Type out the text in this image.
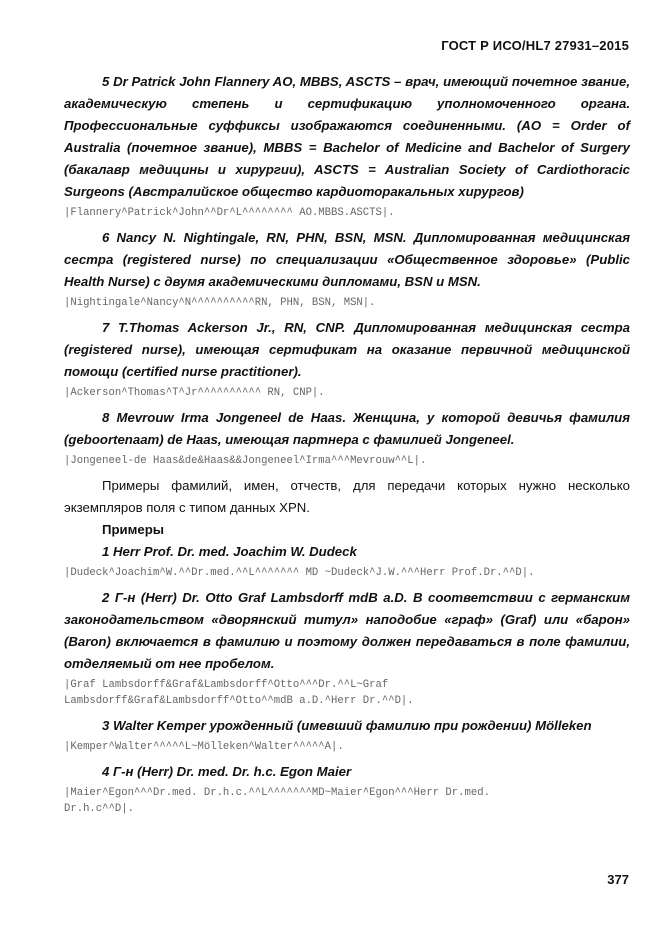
ГОСТ Р ИСО/HL7 27931–2015

5 Dr Patrick John Flannery AO, MBBS, ASCTS – врач, имеющий почетное звание, академическую степень и сертификацию уполномоченного органа. Профессиональные суффиксы изображаются соединенными. (AO = Order of Australia (почетное звание), MBBS = Bachelor of Medicine and Bachelor of Surgery (бакалавр медицины и хирургии), ASCTS = Australian Society of Cardiothoracic Surgeons (Австралийское общество кардиоторакальных хирургов)

|Flannery^Patrick^John^^Dr^L^^^^^^^^ AO.MBBS.ASCTS|.

6 Nancy N. Nightingale, RN, PHN, BSN, MSN. Дипломированная медицинская сестра (registered nurse) по специализации «Общественное здоровье» (Public Health Nurse) с двумя академическими дипломами, BSN и MSN.

|Nightingale^Nancy^N^^^^^^^^^^RN, PHN, BSN, MSN|.

7 T.Thomas Ackerson Jr., RN, CNP. Дипломированная медицинская сестра (registered nurse), имеющая сертификат на оказание первичной медицинской помощи (certified nurse practitioner).

|Ackerson^Thomas^T^Jr^^^^^^^^^^ RN, CNP|.

8 Mevrouw Irma Jongeneel de Haas. Женщина, у которой девичья фамилия (geboortenaam) de Haas, имеющая партнера с фамилией Jongeneel.

|Jongeneel-de Haas&de&Haas&&Jongeneel^Irma^^^Mevrouw^^L|.

Примеры фамилий, имен, отчеств, для передачи которых нужно несколько экземпляров поля с типом данных XPN.

Примеры

1 Herr Prof. Dr. med. Joachim W. Dudeck

|Dudeck^Joachim^W.^^Dr.med.^^L^^^^^^^ MD ~Dudeck^J.W.^^^Herr Prof.Dr.^^D|.

2 Г-н (Herr) Dr. Otto Graf Lambsdorff mdB a.D. В соответствии с германским законодательством «дворянский титул» наподобие «граф» (Graf) или «барон» (Baron) включается в фамилию и поэтому должен передаваться в поле фамилии, отделяемый от нее пробелом.

|Graf Lambsdorff&Graf&Lambsdorff^Otto^^^Dr.^^L~Graf
Lambsdorff&Graf&Lambsdorff^Otto^^mdB a.D.^Herr Dr.^^D|.

3 Walter Kemper урожденный (имевший фамилию при рождении) Mölleken

|Kemper^Walter^^^^^L~Mölleken^Walter^^^^^A|.

4 Г-н (Herr) Dr. med. Dr. h.c. Egon Maier

|Maier^Egon^^^Dr.med. Dr.h.c.^^L^^^^^^^MD~Maier^Egon^^^Herr Dr.med.
Dr.h.c^^D|.
377
